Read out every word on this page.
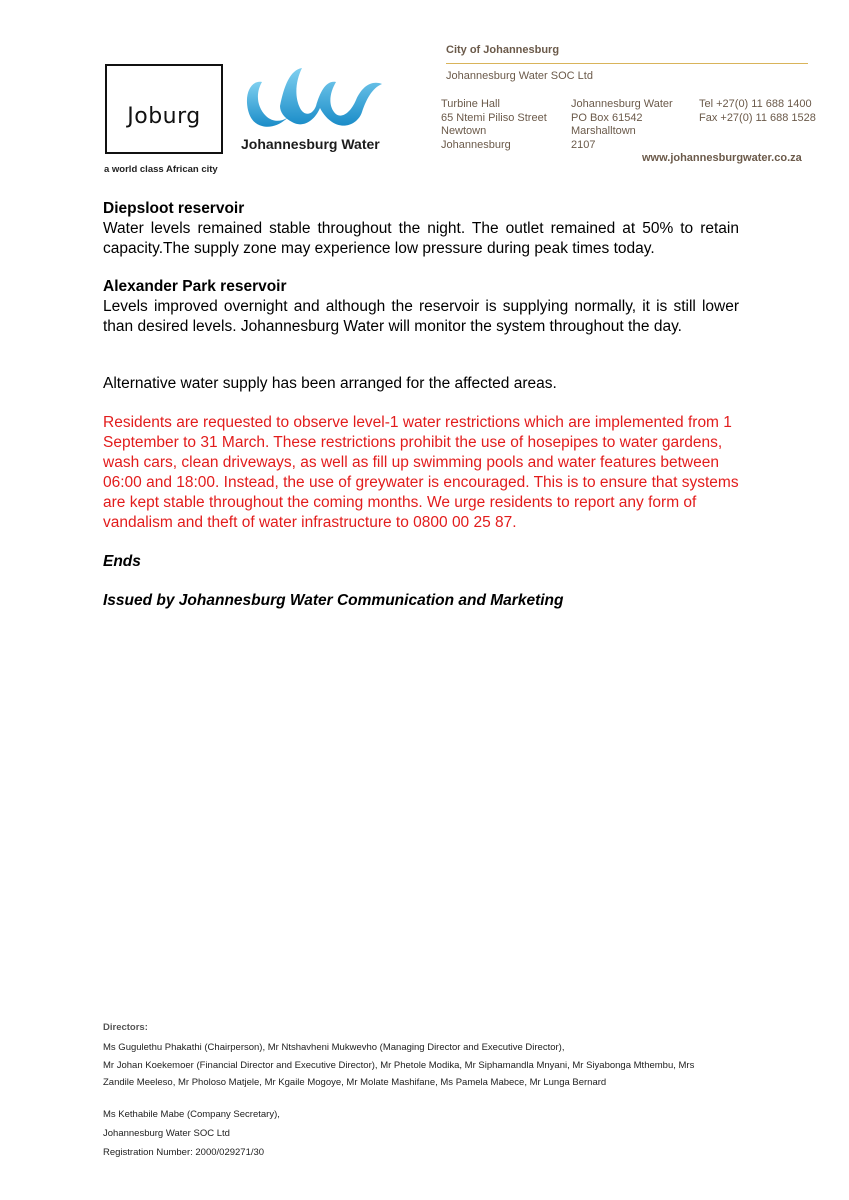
Joburg
a world class African city
Johannesburg Water
City of Johannesburg
Johannesburg Water SOC Ltd
Turbine Hall
65 Ntemi Piliso Street
Newtown
Johannesburg
Johannesburg Water
PO Box 61542
Marshalltown
2107
Tel +27(0) 11 688 1400
Fax +27(0) 11 688 1528
www.johannesburgwater.co.za
Diepsloot reservoir
Water levels remained stable throughout the night. The outlet remained at 50% to retain capacity.The supply zone may experience low pressure during peak times today.
Alexander Park reservoir
Levels improved overnight and although the reservoir is supplying normally, it is still lower than desired levels. Johannesburg Water will monitor the system throughout the day.
Alternative water supply has been arranged for the affected areas.
Residents are requested to observe level-1 water restrictions which are implemented from 1 September to 31 March. These restrictions prohibit the use of hosepipes to water gardens, wash cars, clean driveways, as well as fill up swimming pools and water features between 06:00 and 18:00. Instead, the use of greywater is encouraged. This is to ensure that systems are kept stable throughout the coming months. We urge residents to report any form of vandalism and theft of water infrastructure to 0800 00 25 87.
Ends
Issued by Johannesburg Water Communication and Marketing
Directors:
Ms Gugulethu Phakathi (Chairperson), Mr Ntshavheni Mukwevho (Managing Director and Executive Director),
Mr Johan Koekemoer (Financial Director and Executive Director), Mr Phetole Modika, Mr Siphamandla Mnyani, Mr Siyabonga Mthembu, Mrs
Zandile Meeleso, Mr Pholoso Matjele, Mr Kgaile Mogoye, Mr Molate Mashifane, Ms Pamela Mabece, Mr Lunga Bernard
Ms Kethabile Mabe (Company Secretary),
Johannesburg Water SOC Ltd
Registration Number: 2000/029271/30
